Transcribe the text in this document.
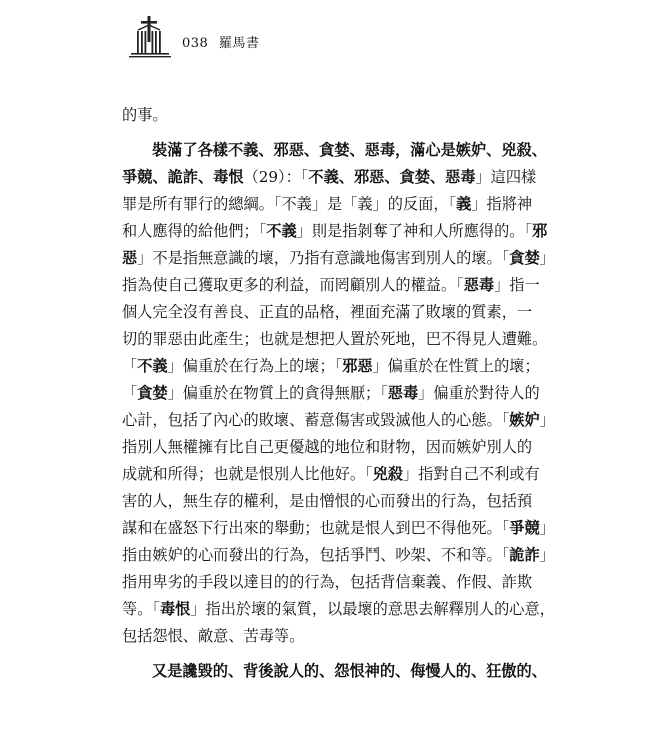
038 羅馬書
的事。
裝滿了各樣不義、邪惡、貪婪、惡毒，滿心是嫉妒、兇殺、
爭競、詭詐、毒恨（29）：「不義、邪惡、貪婪、惡毒」這四樣
罪是所有罪行的總綱。「不義」是「義」的反面，「義」指將神
和人應得的給他們；「不義」則是指剝奪了神和人所應得的。「邪
惡」不是指無意識的壞，乃指有意識地傷害到別人的壞。「貪婪」
指為使自己獲取更多的利益，而罔顧別人的權益。「惡毒」指一
個人完全沒有善良、正直的品格，裡面充滿了敗壞的質素，一
切的罪惡由此產生；也就是想把人置於死地，巴不得見人遭難。
「不義」偏重於在行為上的壞；「邪惡」偏重於在性質上的壞；
「貪婪」偏重於在物質上的貪得無厭；「惡毒」偏重於對待人的
心計，包括了內心的敗壞、蓄意傷害或毀滅他人的心態。「嫉妒」
指別人無權擁有比自己更優越的地位和財物，因而嫉妒別人的
成就和所得；也就是恨別人比他好。「兇殺」指對自己不利或有
害的人，無生存的權利，是由憎恨的心而發出的行為，包括預
謀和在盛怒下行出來的舉動；也就是恨人到巴不得他死。「爭競」
指由嫉妒的心而發出的行為，包括爭鬥、吵架、不和等。「詭詐」
指用卑劣的手段以達目的的行為，包括背信棄義、作假、詐欺
等。「毒恨」指出於壞的氣質，以最壞的意思去解釋別人的心意，
包括怨恨、敵意、苦毒等。
又是讒毀的、背後說人的、怨恨神的、侮慢人的、狂傲的、
